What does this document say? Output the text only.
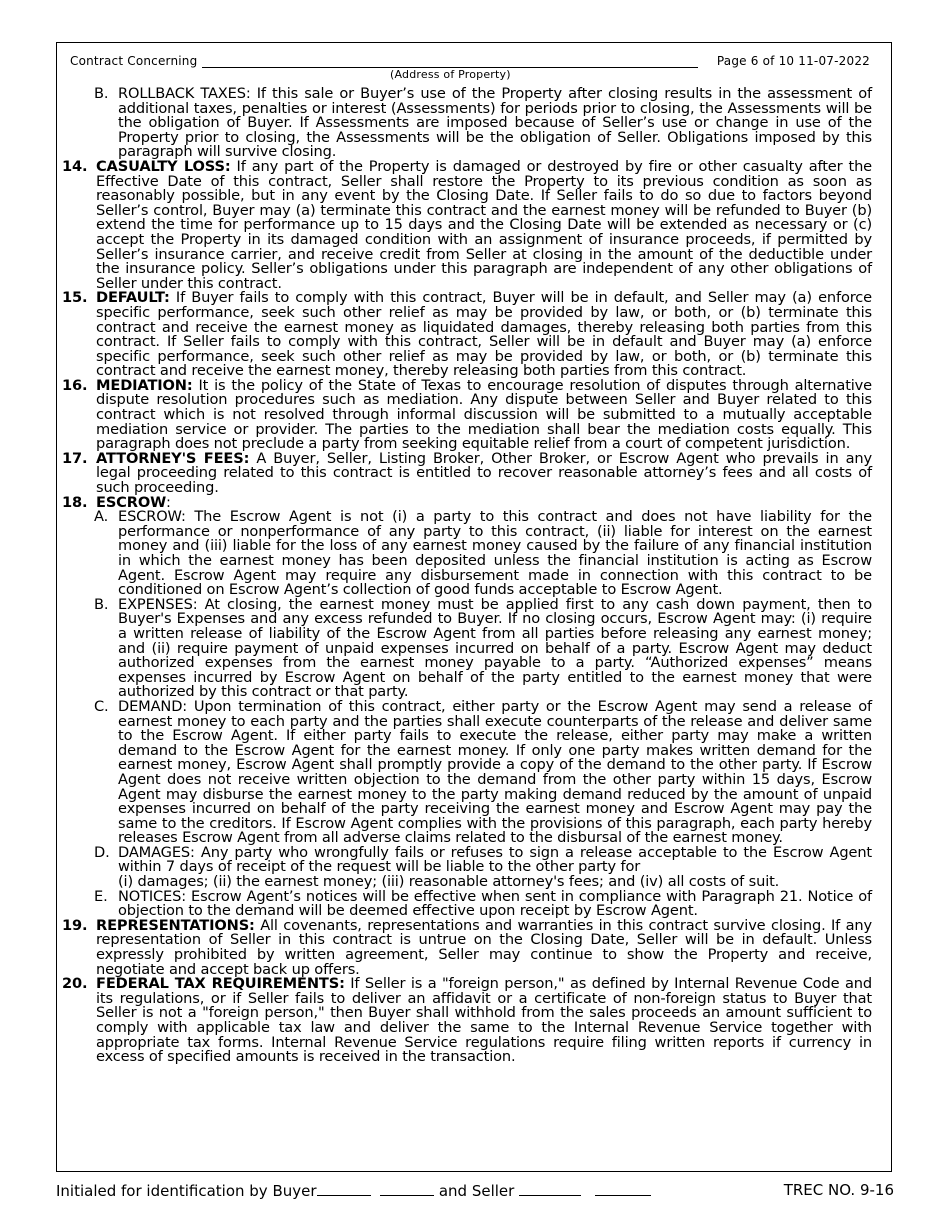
Contract Concerning
(Address of Property)
Page 6 of 10 11-07-2022

B. ROLLBACK TAXES: If this sale or Buyer’s use of the Property after closing results in the assessment of additional taxes, penalties or interest (Assessments) for periods prior to closing, the Assessments will be the obligation of Buyer. If Assessments are imposed because of Seller’s use or change in use of the Property prior to closing, the Assessments will be the obligation of Seller. Obligations imposed by this paragraph will survive closing.

14. CASUALTY LOSS: If any part of the Property is damaged or destroyed by fire or other casualty after the Effective Date of this contract, Seller shall restore the Property to its previous condition as soon as reasonably possible, but in any event by the Closing Date. If Seller fails to do so due to factors beyond Seller’s control, Buyer may (a) terminate this contract and the earnest money will be refunded to Buyer (b) extend the time for performance up to 15 days and the Closing Date will be extended as necessary or (c) accept the Property in its damaged condition with an assignment of insurance proceeds, if permitted by Seller’s insurance carrier, and receive credit from Seller at closing in the amount of the deductible under the insurance policy. Seller’s obligations under this paragraph are independent of any other obligations of Seller under this contract.

15. DEFAULT: If Buyer fails to comply with this contract, Buyer will be in default, and Seller may (a) enforce specific performance, seek such other relief as may be provided by law, or both, or (b) terminate this contract and receive the earnest money as liquidated damages, thereby releasing both parties from this contract. If Seller fails to comply with this contract, Seller will be in default and Buyer may (a) enforce specific performance, seek such other relief as may be provided by law, or both, or (b) terminate this contract and receive the earnest money, thereby releasing both parties from this contract.

16. MEDIATION: It is the policy of the State of Texas to encourage resolution of disputes through alternative dispute resolution procedures such as mediation. Any dispute between Seller and Buyer related to this contract which is not resolved through informal discussion will be submitted to a mutually acceptable mediation service or provider. The parties to the mediation shall bear the mediation costs equally. This paragraph does not preclude a party from seeking equitable relief from a court of competent jurisdiction.

17. ATTORNEY'S FEES: A Buyer, Seller, Listing Broker, Other Broker, or Escrow Agent who prevails in any legal proceeding related to this contract is entitled to recover reasonable attorney’s fees and all costs of such proceeding.

18. ESCROW:

A. ESCROW: The Escrow Agent is not (i) a party to this contract and does not have liability for the performance or nonperformance of any party to this contract, (ii) liable for interest on the earnest money and (iii) liable for the loss of any earnest money caused by the failure of any financial institution in which the earnest money has been deposited unless the financial institution is acting as Escrow Agent. Escrow Agent may require any disbursement made in connection with this contract to be conditioned on Escrow Agent’s collection of good funds acceptable to Escrow Agent.

B. EXPENSES: At closing, the earnest money must be applied first to any cash down payment, then to Buyer's Expenses and any excess refunded to Buyer. If no closing occurs, Escrow Agent may: (i) require a written release of liability of the Escrow Agent from all parties before releasing any earnest money; and (ii) require payment of unpaid expenses incurred on behalf of a party. Escrow Agent may deduct authorized expenses from the earnest money payable to a party. “Authorized expenses” means expenses incurred by Escrow Agent on behalf of the party entitled to the earnest money that were authorized by this contract or that party.

C. DEMAND: Upon termination of this contract, either party or the Escrow Agent may send a release of earnest money to each party and the parties shall execute counterparts of the release and deliver same to the Escrow Agent. If either party fails to execute the release, either party may make a written demand to the Escrow Agent for the earnest money. If only one party makes written demand for the earnest money, Escrow Agent shall promptly provide a copy of the demand to the other party. If Escrow Agent does not receive written objection to the demand from the other party within 15 days, Escrow Agent may disburse the earnest money to the party making demand reduced by the amount of unpaid expenses incurred on behalf of the party receiving the earnest money and Escrow Agent may pay the same to the creditors. If Escrow Agent complies with the provisions of this paragraph, each party hereby releases Escrow Agent from all adverse claims related to the disbursal of the earnest money.

D. DAMAGES: Any party who wrongfully fails or refuses to sign a release acceptable to the Escrow Agent within 7 days of receipt of the request will be liable to the other party for
(i) damages; (ii) the earnest money; (iii) reasonable attorney's fees; and (iv) all costs of suit.

E. NOTICES: Escrow Agent’s notices will be effective when sent in compliance with Paragraph 21. Notice of objection to the demand will be deemed effective upon receipt by Escrow Agent.

19. REPRESENTATIONS: All covenants, representations and warranties in this contract survive closing. If any representation of Seller in this contract is untrue on the Closing Date, Seller will be in default. Unless expressly prohibited by written agreement, Seller may continue to show the Property and receive, negotiate and accept back up offers.

20. FEDERAL TAX REQUIREMENTS: If Seller is a "foreign person," as defined by Internal Revenue Code and its regulations, or if Seller fails to deliver an affidavit or a certificate of non-foreign status to Buyer that Seller is not a "foreign person," then Buyer shall withhold from the sales proceeds an amount sufficient to comply with applicable tax law and deliver the same to the Internal Revenue Service together with appropriate tax forms. Internal Revenue Service regulations require filing written reports if currency in excess of specified amounts is received in the transaction.

Initialed for identification by Buyer	and Seller	TREC NO. 9-16
